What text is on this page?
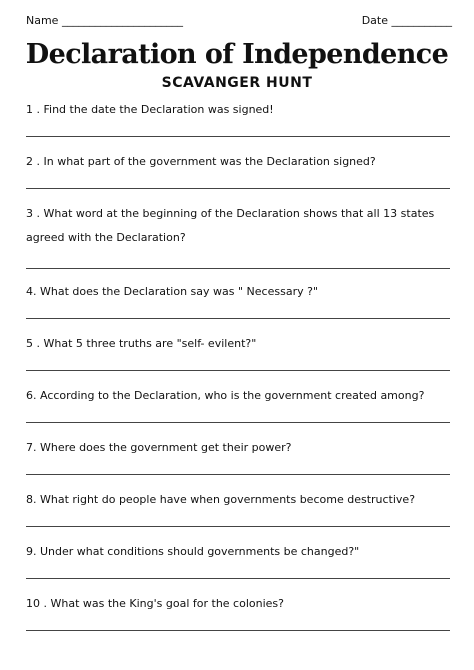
Name ______________________	Date ___________
Declaration of Independence
SCAVANGER HUNT
1 . Find the date the Declaration was signed!
2 . In what part of the government was the Declaration signed?
3 . What word at the beginning of the Declaration shows that all 13 states agreed with the Declaration?
4. What does the Declaration say was " Necessary ?"
5 . What 5 three truths are "self- evilent?"
6. According to the Declaration, who is the government created among?
7. Where does the government get their power?
8. What right do people have when governments become destructive?
9. Under what conditions should governments be changed?"
10 . What was the King's goal for the colonies?
